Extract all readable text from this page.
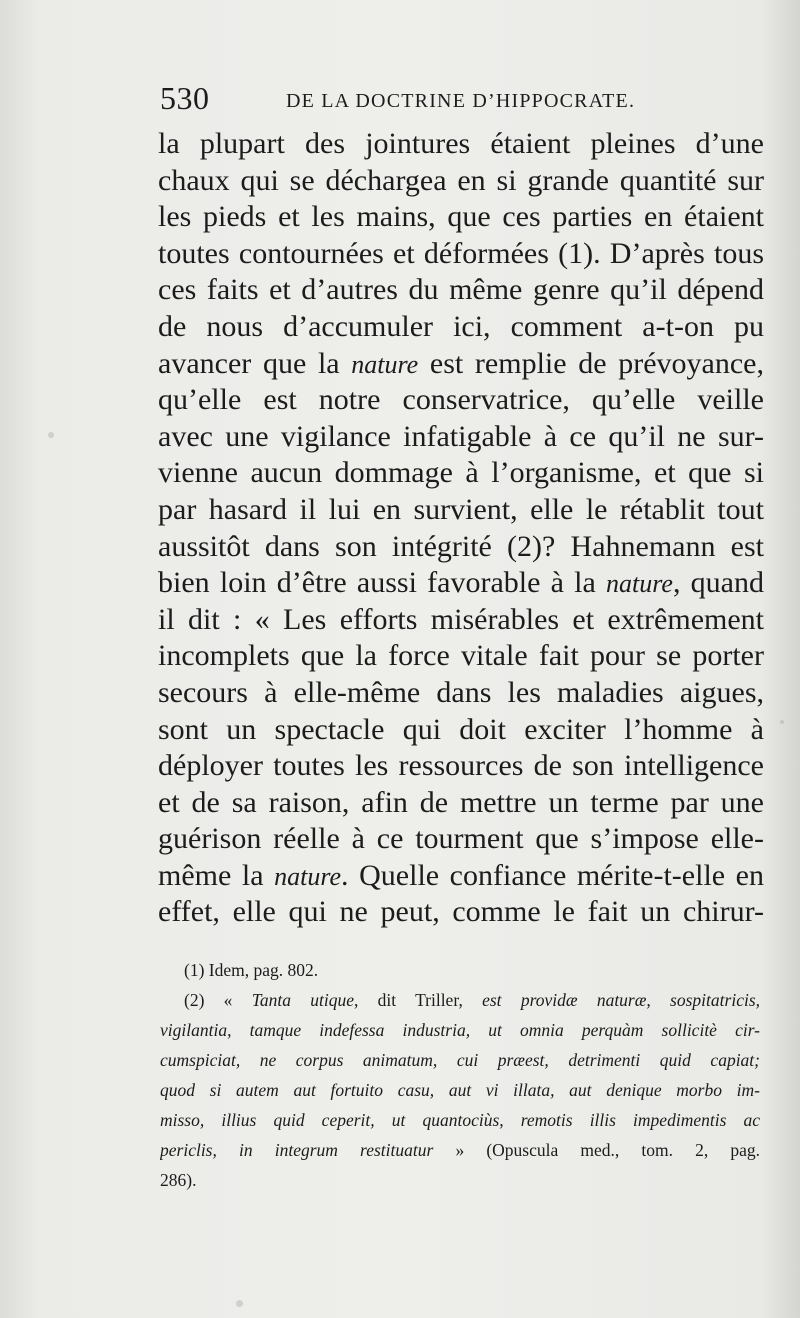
530	DE LA DOCTRINE D’HIPPOCRATE.
la plupart des jointures étaient pleines d’une
chaux qui se déchargea en si grande quantité sur
les pieds et les mains, que ces parties en étaient
toutes contournées et déformées (1). D’après tous
ces faits et d’autres du même genre qu’il dépend
de nous d’accumuler ici, comment a-t-on pu
avancer que la nature est remplie de prévoyance,
qu’elle est notre conservatrice, qu’elle veille
avec une vigilance infatigable à ce qu’il ne sur-
vienne aucun dommage à l’organisme, et que si
par hasard il lui en survient, elle le rétablit tout
aussitôt dans son intégrité (2)? Hahnemann est
bien loin d’être aussi favorable à la nature, quand
il dit : « Les efforts misérables et extrêmement
incomplets que la force vitale fait pour se porter
secours à elle-même dans les maladies aigues,
sont un spectacle qui doit exciter l’homme à
déployer toutes les ressources de son intelligence
et de sa raison, afin de mettre un terme par une
guérison réelle à ce tourment que s’impose elle-
même la nature. Quelle confiance mérite-t-elle en
effet, elle qui ne peut, comme le fait un chirur-
(1) Idem, pag. 802.
(2) « Tanta utique, dit Triller, est providæ naturæ, sospitatricis,
vigilantia, tamque indefessa industria, ut omnia perquàm sollicitè cir-
cumspiciat, ne corpus animatum, cui præest, detrimenti quid capiat;
quod si autem aut fortuito casu, aut vi illata, aut denique morbo im-
misso, illius quid ceperit, ut quantociùs, remotis illis impedimentis ac
periclis, in integrum restituatur » (Opuscula med., tom. 2, pag.
286).
